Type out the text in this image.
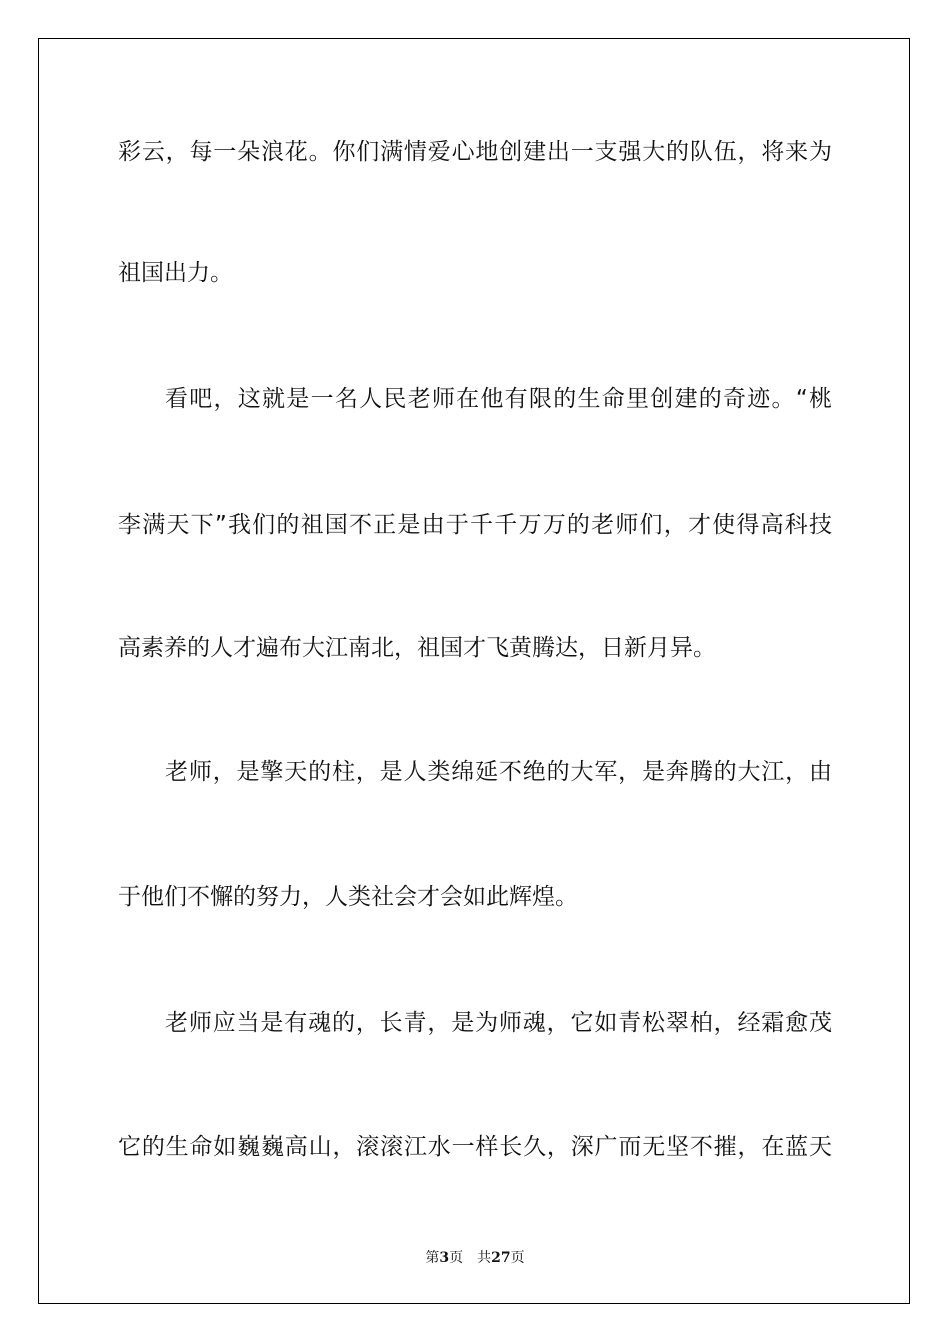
彩云，每一朵浪花。你们满情爱心地创建出一支强大的队伍，将来为
祖国出力。
看吧，这就是一名人民老师在他有限的生命里创建的奇迹。“桃
李满天下”我们的祖国不正是由于千千万万的老师们，才使得高科技
高素养的人才遍布大江南北，祖国才飞黄腾达，日新月异。
老师，是擎天的柱，是人类绵延不绝的大军，是奔腾的大江，由
于他们不懈的努力，人类社会才会如此辉煌。
老师应当是有魂的，长青，是为师魂，它如青松翠柏，经霜愈茂
它的生命如巍巍高山，滚滚江水一样长久，深广而无坚不摧，在蓝天
第3页 共27页
